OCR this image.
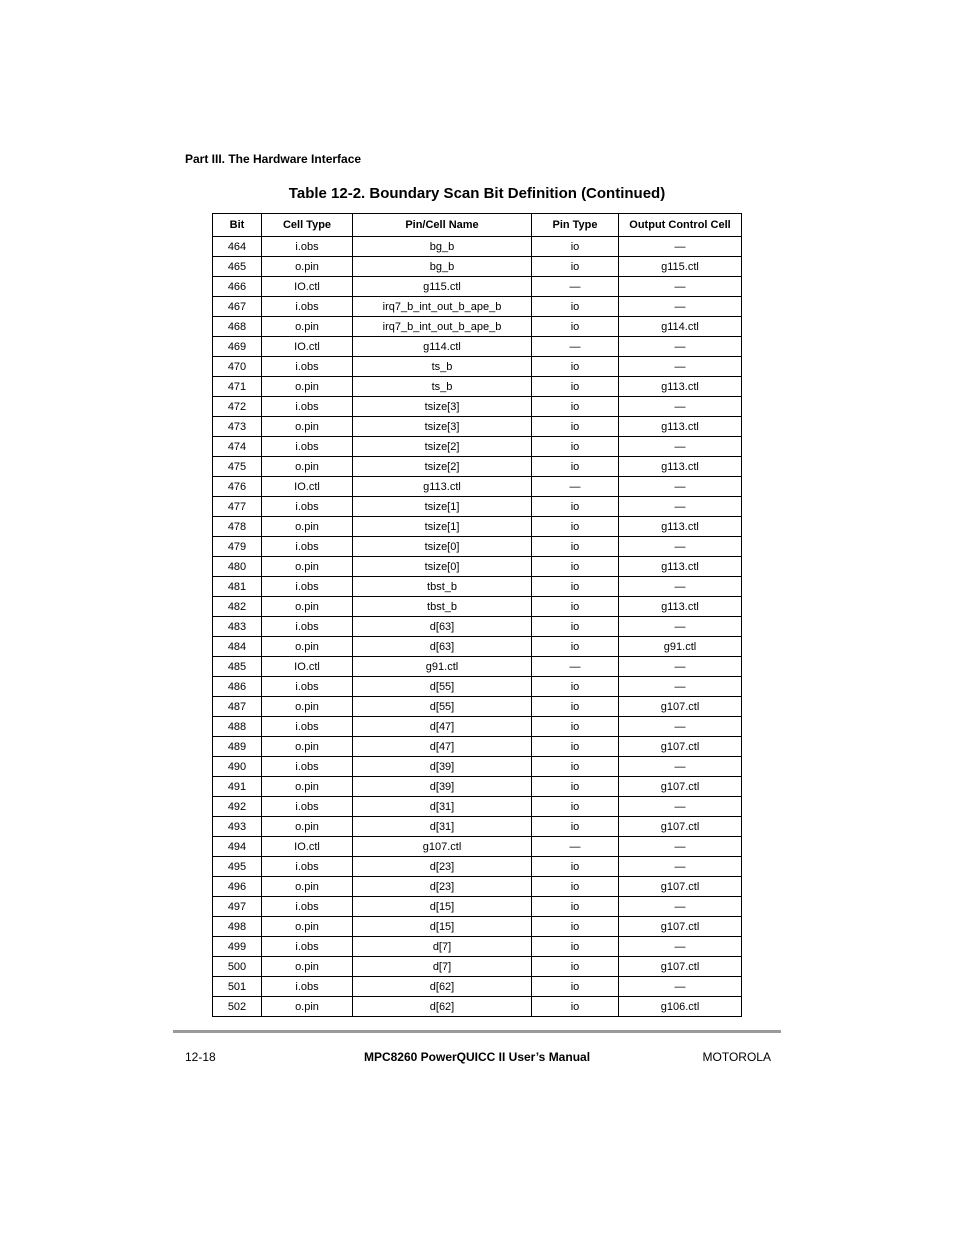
Part III. The Hardware Interface
Table 12-2. Boundary Scan Bit Definition (Continued)
Bit	Cell Type	Pin/Cell Name	Pin Type	Output Control Cell
464	i.obs	bg_b	io	—
465	o.pin	bg_b	io	g115.ctl
466	IO.ctl	g115.ctl	—	—
467	i.obs	irq7_b_int_out_b_ape_b	io	—
468	o.pin	irq7_b_int_out_b_ape_b	io	g114.ctl
469	IO.ctl	g114.ctl	—	—
470	i.obs	ts_b	io	—
471	o.pin	ts_b	io	g113.ctl
472	i.obs	tsize[3]	io	—
473	o.pin	tsize[3]	io	g113.ctl
474	i.obs	tsize[2]	io	—
475	o.pin	tsize[2]	io	g113.ctl
476	IO.ctl	g113.ctl	—	—
477	i.obs	tsize[1]	io	—
478	o.pin	tsize[1]	io	g113.ctl
479	i.obs	tsize[0]	io	—
480	o.pin	tsize[0]	io	g113.ctl
481	i.obs	tbst_b	io	—
482	o.pin	tbst_b	io	g113.ctl
483	i.obs	d[63]	io	—
484	o.pin	d[63]	io	g91.ctl
485	IO.ctl	g91.ctl	—	—
486	i.obs	d[55]	io	—
487	o.pin	d[55]	io	g107.ctl
488	i.obs	d[47]	io	—
489	o.pin	d[47]	io	g107.ctl
490	i.obs	d[39]	io	—
491	o.pin	d[39]	io	g107.ctl
492	i.obs	d[31]	io	—
493	o.pin	d[31]	io	g107.ctl
494	IO.ctl	g107.ctl	—	—
495	i.obs	d[23]	io	—
496	o.pin	d[23]	io	g107.ctl
497	i.obs	d[15]	io	—
498	o.pin	d[15]	io	g107.ctl
499	i.obs	d[7]	io	—
500	o.pin	d[7]	io	g107.ctl
501	i.obs	d[62]	io	—
502	o.pin	d[62]	io	g106.ctl
12-18	MPC8260 PowerQUICC II User’s Manual	MOTOROLA
